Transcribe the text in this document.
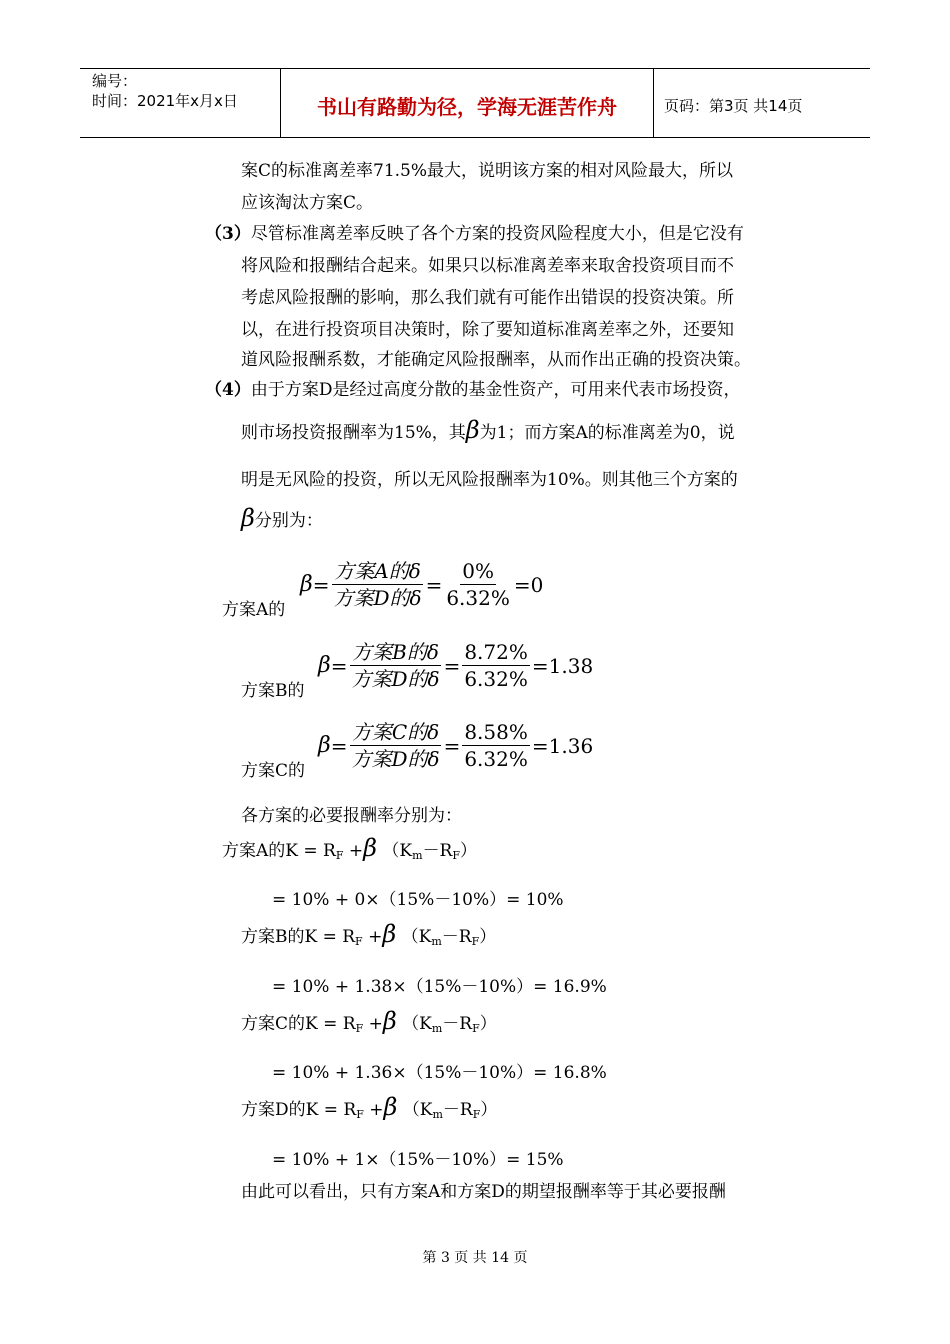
编号：
时间：2021年x月x日	书山有路勤为径，学海无涯苦作舟	页码：第3页 共14页
案C的标准离差率71.5%最大，说明该方案的相对风险最大，所以
应该淘汰方案C。
（3）尽管标准离差率反映了各个方案的投资风险程度大小，但是它没有
将风险和报酬结合起来。如果只以标准离差率来取舍投资项目而不
考虑风险报酬的影响，那么我们就有可能作出错误的投资决策。所
以，在进行投资项目决策时，除了要知道标准离差率之外，还要知
道风险报酬系数，才能确定风险报酬率，从而作出正确的投资决策。
（4）由于方案D是经过高度分散的基金性资产，可用来代表市场投资，
则市场投资报酬率为15%，其β为1；而方案A的标准离差为0，说
明是无风险的投资，所以无风险报酬率为10%。则其他三个方案的
β分别为：
方案A的
$\beta = \frac{\text{方案A的δ}}{\text{方案D的δ}} = \frac{0\%}{6.32\%} =0$
方案B的
$\beta = \frac{\text{方案B的δ}}{\text{方案D的δ}} = \frac{8.72\%}{6.32\%} =1.38$
方案C的
$\beta = \frac{\text{方案C的δ}}{\text{方案D的δ}} = \frac{8.58\%}{6.32\%} =1.36$
各方案的必要报酬率分别为：
方案A的$K = R_F +\beta$ $(K_m-R_F)$
= 10% + 0×（15%－10%）= 10%
方案B的$K = R_F +\beta$ $(K_m-R_F)$
= 10% + 1.38×（15%－10%）= 16.9%
方案C的$K = R_F +\beta$ $(K_m-R_F)$
= 10% + 1.36×（15%－10%）= 16.8%
方案D的$K = R_F +\beta$ $(K_m-R_F)$
= 10% + 1×（15%－10%）= 15%
由此可以看出，只有方案A和方案D的期望报酬率等于其必要报酬
第 3 页 共 14 页
